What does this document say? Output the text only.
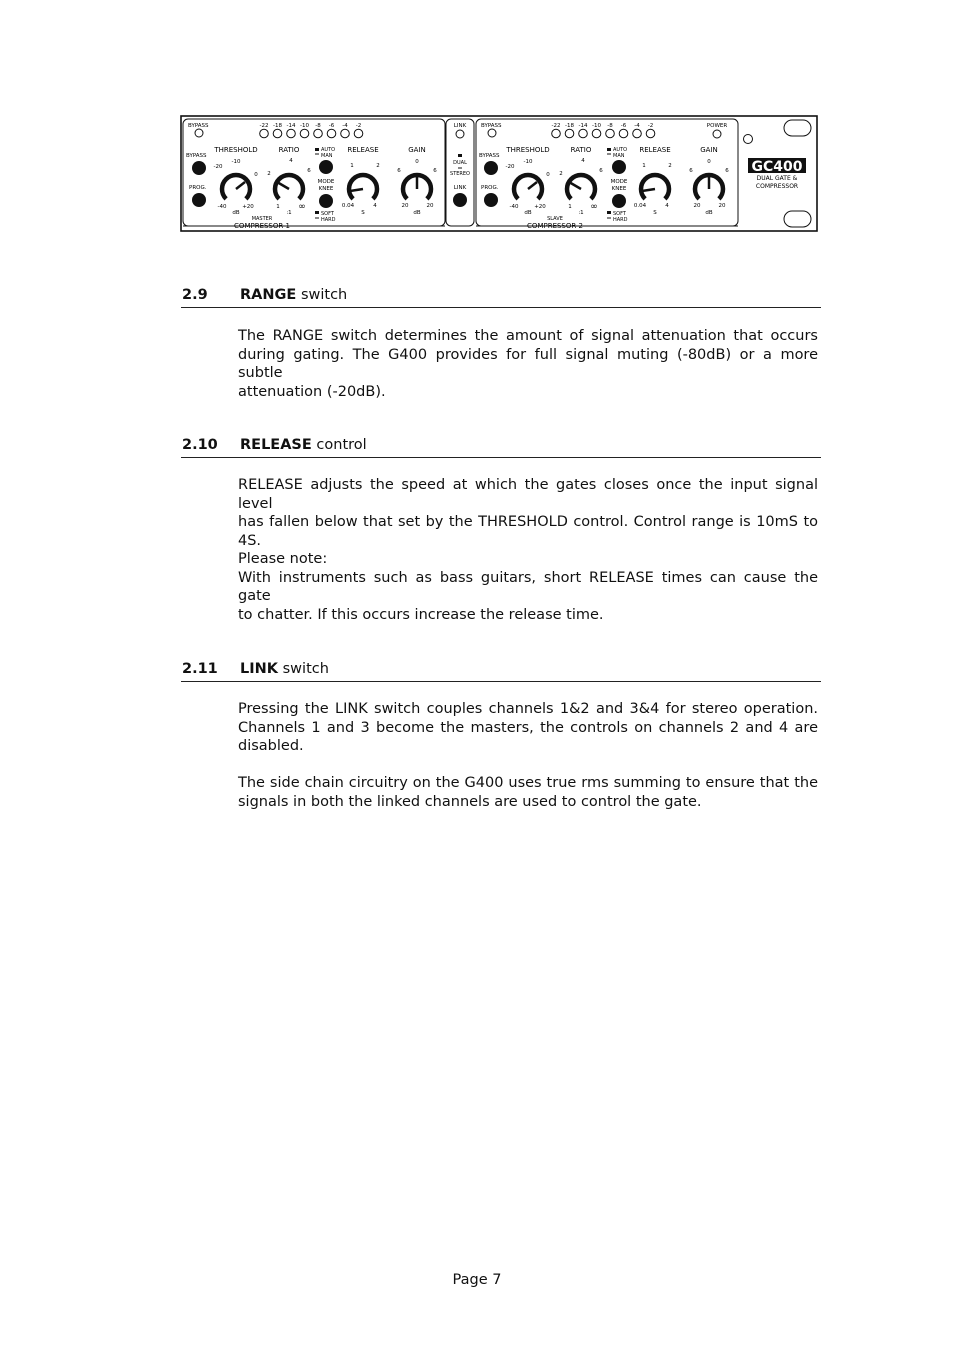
COMPRESSOR 1
MASTER
BYPASS	-22 -18 -14 -10 -8 -6 -4 -2
BYPASS
PROG.
THRESHOLD
-10
-20
0
-40	+20
dB
RATIO
4
2	6
1 ∞
:1
AUTO
MAN
MODE
KNEE
SOFT
HARD
RELEASE
1	2
0.04	4
S
GAIN
0
6	6
20	20
dB
LINK
DUAL
STEREO
LINK
COMPRESSOR 2
SLAVE
BYPASS	-22 -18 -14 -10 -8 -6 -4 -2
BYPASS
PROG.
THRESHOLD
-10
-20
0
-40	+20
dB
RATIO
4
2	6
1 ∞
:1
AUTO
MAN
MODE
KNEE
SOFT
HARD
RELEASE
1	2
0.04	4
S
GAIN
0
6	6
20	20
dB
POWER
GC400
DUAL GATE &
COMPRESSOR
2.9 RANGE switch

The RANGE switch determines the amount of signal attenuation that occurs
during gating. The G400 provides for full signal muting (-80dB) or a more subtle
attenuation (-20dB).

2.10 RELEASE control

RELEASE adjusts the speed at which the gates closes once the input signal level
has fallen below that set by the THRESHOLD control. Control range is 10mS to
4S.

Please note:
With instruments such as bass guitars, short RELEASE times can cause the gate
to chatter. If this occurs increase the release time.

2.11 LINK switch

Pressing the LINK switch couples channels 1&2 and 3&4 for stereo operation.
Channels 1 and 3 become the masters, the controls on channels 2 and 4 are
disabled.

The side chain circuitry on the G400 uses true rms summing to ensure that the
signals in both the linked channels are used to control the gate.

Page 7
